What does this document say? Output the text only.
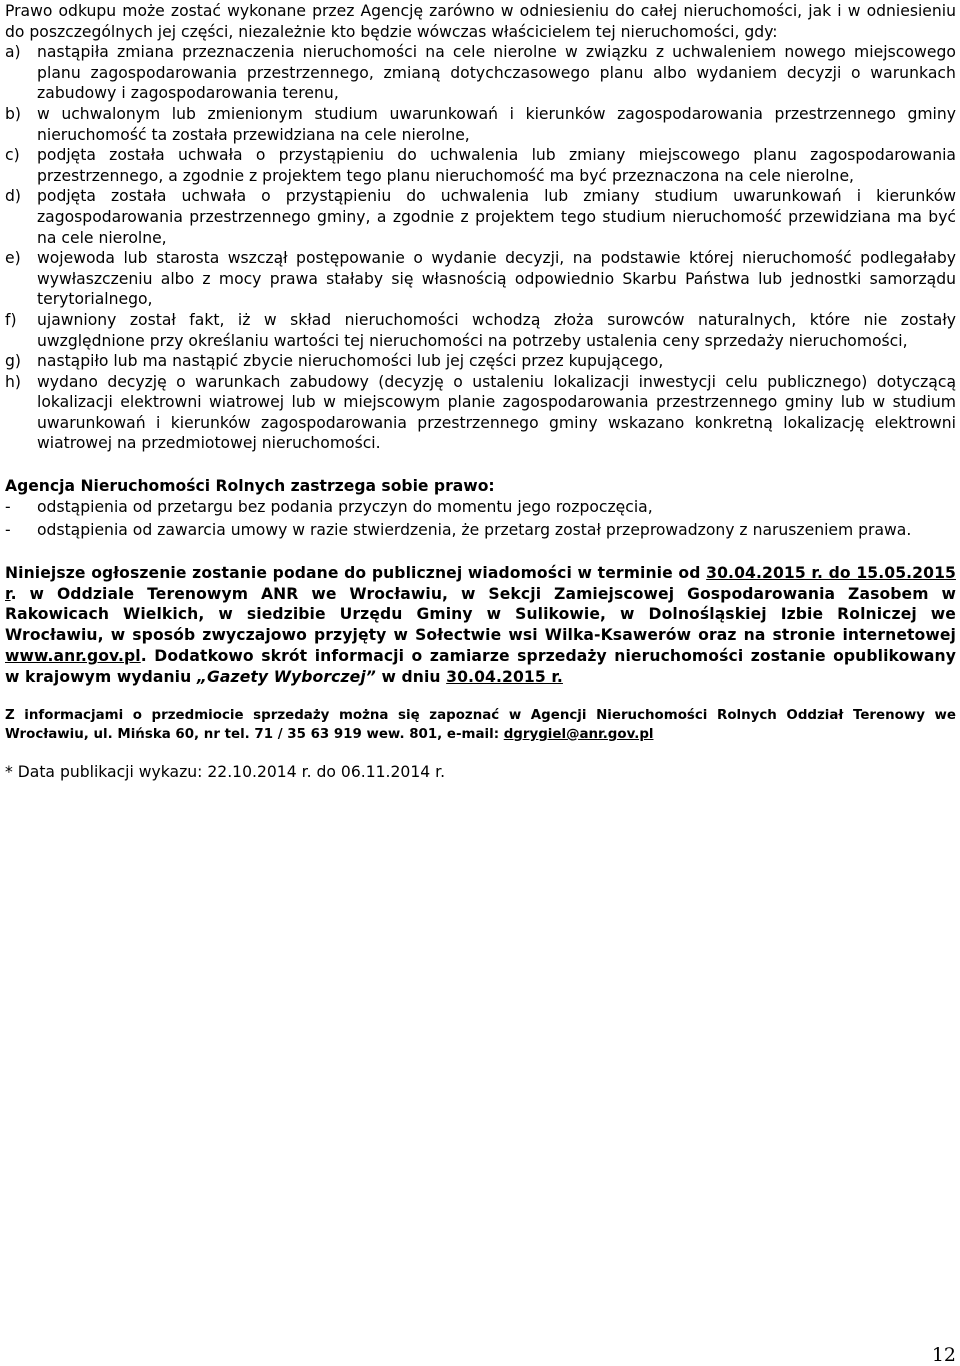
Prawo odkupu może zostać wykonane przez Agencję zarówno w odniesieniu do całej nieruchomości, jak i w odniesieniu do poszczególnych jej części, niezależnie kto będzie wówczas właścicielem tej nieruchomości, gdy:

a)	nastąpiła zmiana przeznaczenia nieruchomości na cele nierolne w związku z uchwaleniem nowego miejscowego planu zagospodarowania przestrzennego, zmianą dotychczasowego planu albo wydaniem decyzji o warunkach zabudowy i zagospodarowania terenu,
b)	w uchwalonym lub zmienionym studium uwarunkowań i kierunków zagospodarowania przestrzennego gminy nieruchomość ta została przewidziana na cele nierolne,
c)	podjęta została uchwała o przystąpieniu do uchwalenia lub zmiany miejscowego planu zagospodarowania przestrzennego, a zgodnie z projektem tego planu nieruchomość ma być przeznaczona na cele nierolne,
d)	podjęta została uchwała o przystąpieniu do uchwalenia lub zmiany studium uwarunkowań i kierunków zagospodarowania przestrzennego gminy, a zgodnie z projektem tego studium nieruchomość przewidziana ma być na cele nierolne,
e)	wojewoda lub starosta wszczął postępowanie o wydanie decyzji, na podstawie której nieruchomość podlegałaby wywłaszczeniu albo z mocy prawa stałaby się własnością odpowiednio Skarbu Państwa lub jednostki samorządu terytorialnego,
f)	ujawniony został fakt, iż w skład nieruchomości wchodzą złoża surowców naturalnych, które nie zostały uwzględnione przy określaniu wartości tej nieruchomości na potrzeby ustalenia ceny sprzedaży nieruchomości,
g)	nastąpiło lub ma nastąpić zbycie nieruchomości lub jej części przez kupującego,
h)	wydano decyzję o warunkach zabudowy (decyzję o ustaleniu lokalizacji inwestycji celu publicznego) dotyczącą lokalizacji elektrowni wiatrowej lub w miejscowym planie zagospodarowania przestrzennego gminy lub w studium uwarunkowań i kierunków zagospodarowania przestrzennego gminy wskazano konkretną lokalizację elektrowni wiatrowej na przedmiotowej nieruchomości.
Agencja Nieruchomości Rolnych zastrzega sobie prawo:
-	odstąpienia od przetargu bez podania przyczyn do momentu jego rozpoczęcia,
-	odstąpienia od zawarcia umowy w razie stwierdzenia, że przetarg został przeprowadzony z naruszeniem prawa.

Niniejsze ogłoszenie zostanie podane do publicznej wiadomości w terminie od 30.04.2015 r. do 15.05.2015 r. w Oddziale Terenowym ANR we Wrocławiu, w Sekcji Zamiejscowej Gospodarowania Zasobem w Rakowicach Wielkich, w siedzibie Urzędu Gminy w Sulikowie, w Dolnośląskiej Izbie Rolniczej we Wrocławiu, w sposób zwyczajowo przyjęty w Sołectwie wsi Wilka-Ksawerów oraz na stronie internetowej www.anr.gov.pl. Dodatkowo skrót informacji o zamiarze sprzedaży nieruchomości zostanie opublikowany w krajowym wydaniu „Gazety Wyborczej” w dniu 30.04.2015 r.

Z informacjami o przedmiocie sprzedaży można się zapoznać w Agencji Nieruchomości Rolnych Oddział Terenowy we Wrocławiu, ul. Mińska 60, nr tel. 71 / 35 63 919 wew. 801, e-mail: dgrygiel@anr.gov.pl

* Data publikacji wykazu: 22.10.2014 r. do 06.11.2014 r.

12
